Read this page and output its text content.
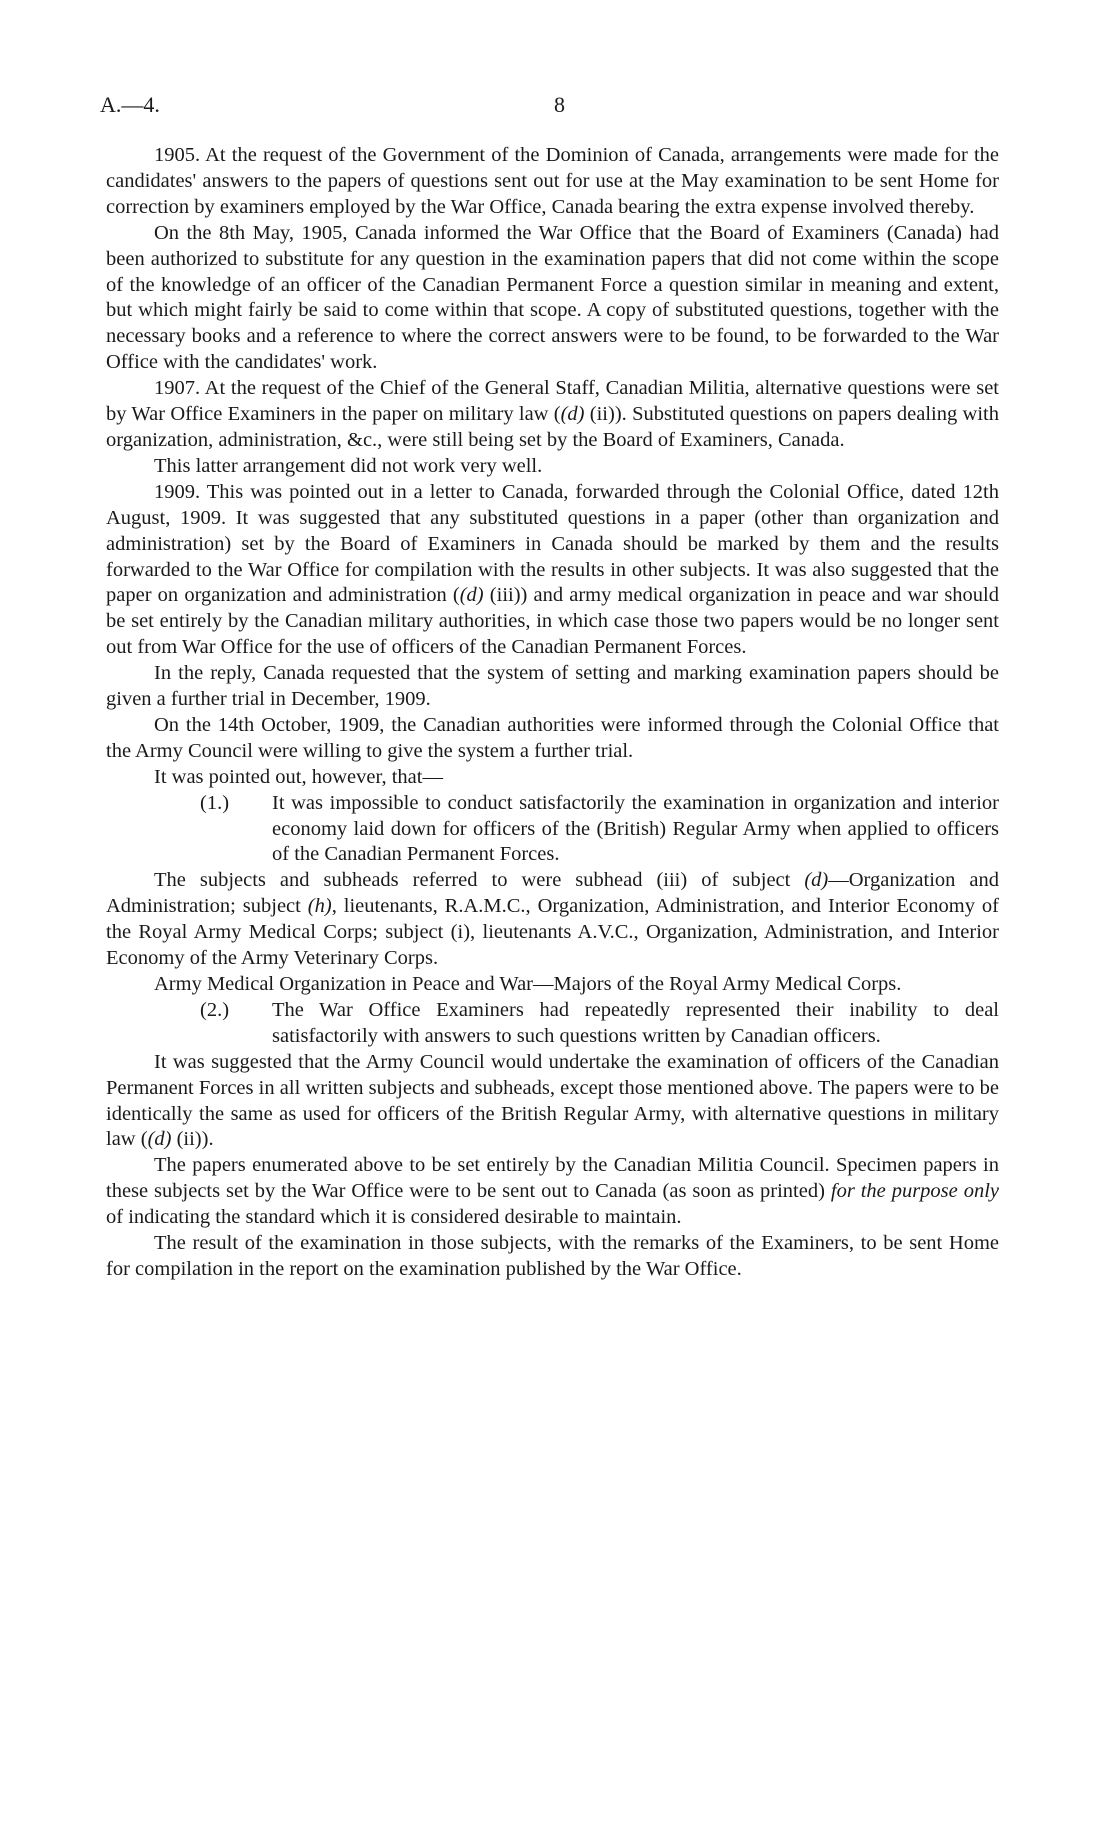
A.—4.	8

1905. At the request of the Government of the Dominion of Canada, arrangements were made for the candidates' answers to the papers of questions sent out for use at the May examination to be sent Home for correction by examiners employed by the War Office, Canada bearing the extra expense involved thereby.

On the 8th May, 1905, Canada informed the War Office that the Board of Examiners (Canada) had been authorized to substitute for any question in the examination papers that did not come within the scope of the knowledge of an officer of the Canadian Permanent Force a question similar in meaning and extent, but which might fairly be said to come within that scope. A copy of substituted questions, together with the necessary books and a reference to where the correct answers were to be found, to be forwarded to the War Office with the candidates' work.

1907. At the request of the Chief of the General Staff, Canadian Militia, alternative questions were set by War Office Examiners in the paper on military law ((d) (ii)). Substituted questions on papers dealing with organization, administration, &c., were still being set by the Board of Examiners, Canada.

This latter arrangement did not work very well.

1909. This was pointed out in a letter to Canada, forwarded through the Colonial Office, dated 12th August, 1909. It was suggested that any substituted questions in a paper (other than organization and administration) set by the Board of Examiners in Canada should be marked by them and the results forwarded to the War Office for compilation with the results in other subjects. It was also suggested that the paper on organization and administration ((d) (iii)) and army medical organization in peace and war should be set entirely by the Canadian military authorities, in which case those two papers would be no longer sent out from War Office for the use of officers of the Canadian Permanent Forces.

In the reply, Canada requested that the system of setting and marking examination papers should be given a further trial in December, 1909.

On the 14th October, 1909, the Canadian authorities were informed through the Colonial Office that the Army Council were willing to give the system a further trial.

It was pointed out, however, that—

(1.) It was impossible to conduct satisfactorily the examination in organization and interior economy laid down for officers of the (British) Regular Army when applied to officers of the Canadian Permanent Forces.

The subjects and subheads referred to were subhead (iii) of subject (d)—Organization and Administration; subject (h), lieutenants, R.A.M.C., Organization, Administration, and Interior Economy of the Royal Army Medical Corps; subject (i), lieutenants A.V.C., Organization, Administration, and Interior Economy of the Army Veterinary Corps.

Army Medical Organization in Peace and War—Majors of the Royal Army Medical Corps.

(2.) The War Office Examiners had repeatedly represented their inability to deal satisfactorily with answers to such questions written by Canadian officers.

It was suggested that the Army Council would undertake the examination of officers of the Canadian Permanent Forces in all written subjects and subheads, except those mentioned above. The papers were to be identically the same as used for officers of the British Regular Army, with alternative questions in military law ((d) (ii)).

The papers enumerated above to be set entirely by the Canadian Militia Council. Specimen papers in these subjects set by the War Office were to be sent out to Canada (as soon as printed) for the purpose only of indicating the standard which it is considered desirable to maintain.

The result of the examination in those subjects, with the remarks of the Examiners, to be sent Home for compilation in the report on the examination published by the War Office.
